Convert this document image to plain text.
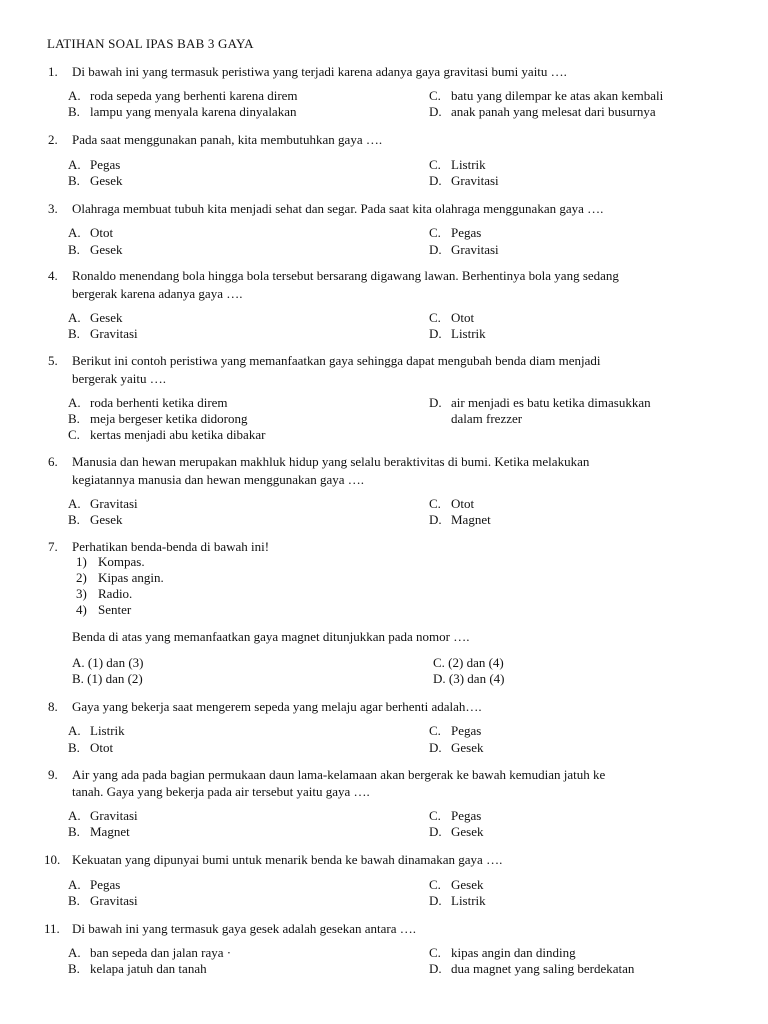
LATIHAN SOAL IPAS BAB 3 GAYA
1.	Di bawah ini yang termasuk peristiwa yang terjadi karena adanya gaya gravitasi bumi yaitu ….
A. roda sepeda yang berhenti karena direm
B. lampu yang menyala karena dinyalakan
C. batu yang dilempar ke atas akan kembali
D. anak panah yang melesat dari busurnya
2.	Pada saat menggunakan panah, kita membutuhkan gaya ….
A. Pegas
B. Gesek
C. Listrik
D. Gravitasi
3.	Olahraga membuat tubuh kita menjadi sehat dan segar. Pada saat kita olahraga menggunakan gaya ….
A. Otot
B. Gesek
C. Pegas
D. Gravitasi
4.	Ronaldo menendang bola hingga bola tersebut bersarang digawang lawan. Berhentinya bola yang sedang
bergerak karena adanya gaya ….
A. Gesek
B. Gravitasi
C. Otot
D. Listrik
5.	Berikut ini contoh peristiwa yang memanfaatkan gaya sehingga dapat mengubah benda diam menjadi
bergerak yaitu ….
A. roda berhenti ketika direm
B. meja bergeser ketika didorong
C. kertas menjadi abu ketika dibakar
D. air menjadi es batu ketika dimasukkan
dalam frezzer
6.	Manusia dan hewan merupakan makhluk hidup yang selalu beraktivitas di bumi. Ketika melakukan
kegiatannya manusia dan hewan menggunakan gaya ….
A. Gravitasi
B. Gesek
C. Otot
D. Magnet
7.	Perhatikan benda-benda di bawah ini!
1) Kompas.
2) Kipas angin.
3) Radio.
4) Senter
Benda di atas yang memanfaatkan gaya magnet ditunjukkan pada nomor ….
A. (1) dan (3)
B. (1) dan (2)
C. (2) dan (4)
D. (3) dan (4)
8.	Gaya yang bekerja saat mengerem sepeda yang melaju agar berhenti adalah….
A. Listrik
B. Otot
C. Pegas
D. Gesek
9.	Air yang ada pada bagian permukaan daun lama-kelamaan akan bergerak ke bawah kemudian jatuh ke
tanah. Gaya yang bekerja pada air tersebut yaitu gaya ….
A. Gravitasi
B. Magnet
C. Pegas
D. Gesek
10. Kekuatan yang dipunyai bumi untuk menarik benda ke bawah dinamakan gaya ….
A. Pegas
B. Gravitasi
C. Gesek
D. Listrik
11. Di bawah ini yang termasuk gaya gesek adalah gesekan antara ….
A. ban sepeda dan jalan raya ·
B. kelapa jatuh dan tanah
C. kipas angin dan dinding
D. dua magnet yang saling berdekatan
